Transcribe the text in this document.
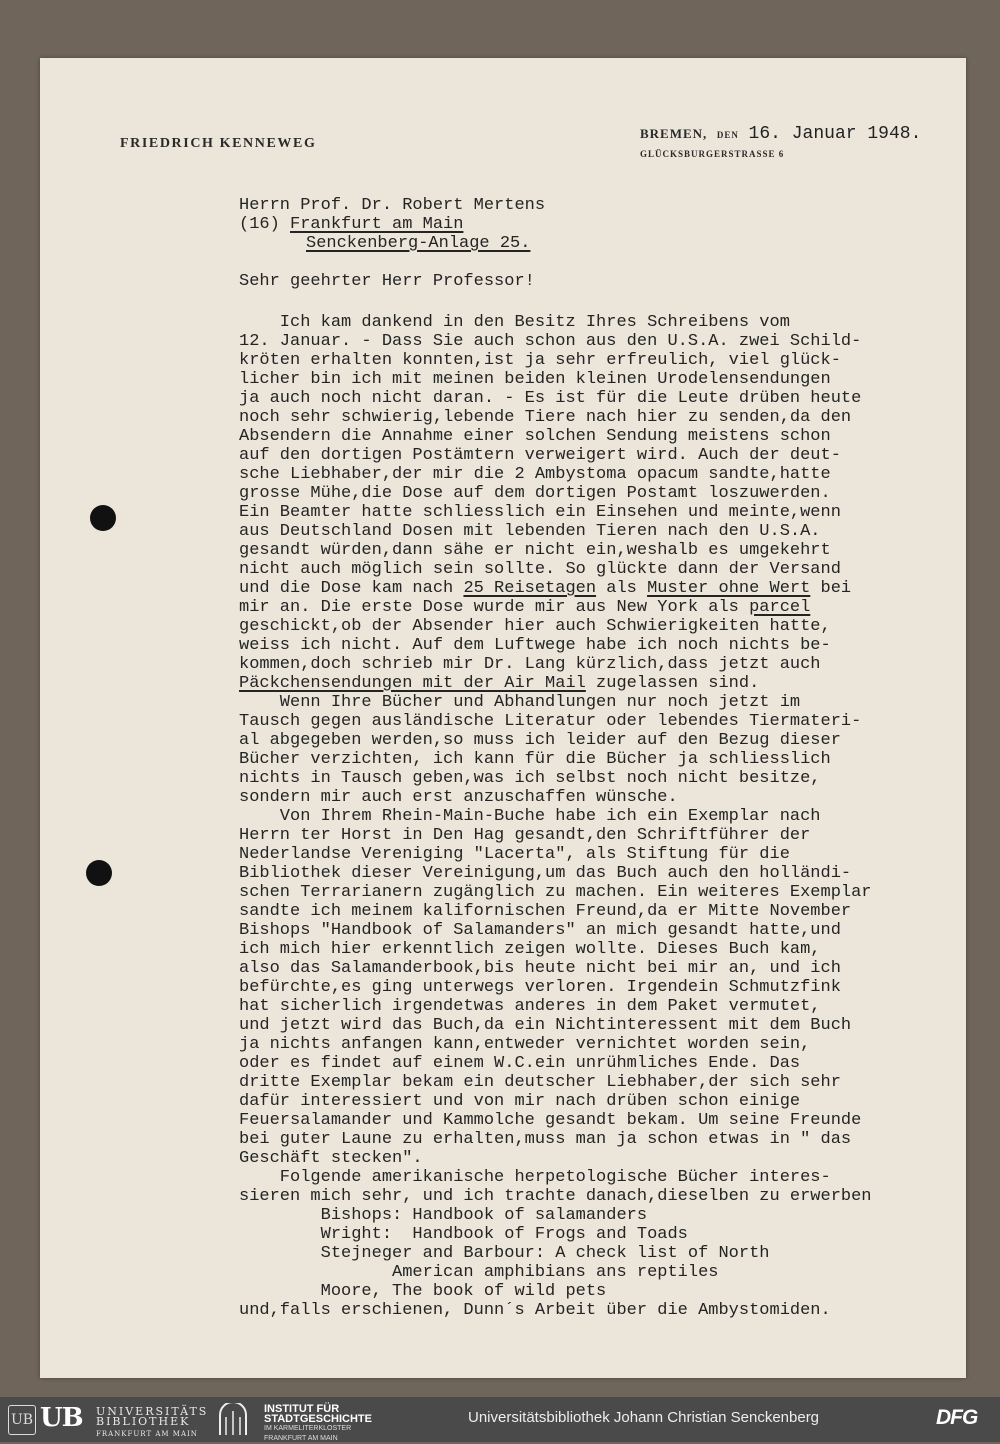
FRIEDRICH KENNEWEG
BREMEN, DEN 16. Januar 1948.
GLÜCKSBURGERSTRASSE 6
Herrn Prof. Dr. Robert Mertens
(16) Frankfurt am Main
Senckenberg-Anlage 25.
Sehr geehrter Herr Professor!
Ich kam dankend in den Besitz Ihres Schreibens vom
12. Januar. - Dass Sie auch schon aus den U.S.A. zwei Schild-
kröten erhalten konnten,ist ja sehr erfreulich, viel glück-
licher bin ich mit meinen beiden kleinen Urodelensendungen
ja auch noch nicht daran. - Es ist für die Leute drüben heute
noch sehr schwierig,lebende Tiere nach hier zu senden,da den
Absendern die Annahme einer solchen Sendung meistens schon
auf den dortigen Postämtern verweigert wird. Auch der deut-
sche Liebhaber,der mir die 2 Ambystoma opacum sandte,hatte
grosse Mühe,die Dose auf dem dortigen Postamt loszuwerden.
Ein Beamter hatte schliesslich ein Einsehen und meinte,wenn
aus Deutschland Dosen mit lebenden Tieren nach den U.S.A.
gesandt würden,dann sähe er nicht ein,weshalb es umgekehrt
nicht auch möglich sein sollte. So glückte dann der Versand
und die Dose kam nach 25 Reisetagen als Muster ohne Wert bei
mir an. Die erste Dose wurde mir aus New York als parcel
geschickt,ob der Absender hier auch Schwierigkeiten hatte,
weiss ich nicht. Auf dem Luftwege habe ich noch nichts be-
kommen,doch schrieb mir Dr. Lang kürzlich,dass jetzt auch
Päckchensendungen mit der Air Mail zugelassen sind.
Wenn Ihre Bücher und Abhandlungen nur noch jetzt im
Tausch gegen ausländische Literatur oder lebendes Tiermateri-
al abgegeben werden,so muss ich leider auf den Bezug dieser
Bücher verzichten, ich kann für die Bücher ja schliesslich
nichts in Tausch geben,was ich selbst noch nicht besitze,
sondern mir auch erst anzuschaffen wünsche.
Von Ihrem Rhein-Main-Buche habe ich ein Exemplar nach
Herrn ter Horst in Den Hag gesandt,den Schriftführer der
Nederlandse Vereniging "Lacerta", als Stiftung für die
Bibliothek dieser Vereinigung,um das Buch auch den holländi-
schen Terrarianern zugänglich zu machen. Ein weiteres Exemplar
sandte ich meinem kalifornischen Freund,da er Mitte November
Bishops "Handbook of Salamanders" an mich gesandt hatte,und
ich mich hier erkenntlich zeigen wollte. Dieses Buch kam,
also das Salamanderbook,bis heute nicht bei mir an, und ich
befürchte,es ging unterwegs verloren. Irgendein Schmutzfink
hat sicherlich irgendetwas anderes in dem Paket vermutet,
und jetzt wird das Buch,da ein Nichtinteressent mit dem Buch
ja nichts anfangen kann,entweder vernichtet worden sein,
oder es findet auf einem W.C.ein unrühmliches Ende. Das
dritte Exemplar bekam ein deutscher Liebhaber,der sich sehr
dafür interessiert und von mir nach drüben schon einige
Feuersalamander und Kammolche gesandt bekam. Um seine Freunde
bei guter Laune zu erhalten,muss man ja schon etwas in " das
Geschäft stecken".
Folgende amerikanische herpetologische Bücher interes-
sieren mich sehr, und ich trachte danach,dieselben zu erwerben
Bishops: Handbook of salamanders
Wright:  Handbook of Frogs and Toads
Stejneger and Barbour: A check list of North
American amphibians ans reptiles
Moore, The book of wild pets
und,falls erschienen, Dunn´s Arbeit über die Ambystomiden.
UB UB UNIVERSITÄTS
BIBLIOTHEK
FRANKFURT AM MAIN
INSTITUT FÜR
STADTGESCHICHTE
IM KARMELITERKLOSTER
FRANKFURT AM MAIN
Universitätsbibliothek Johann Christian Senckenberg	DFG
